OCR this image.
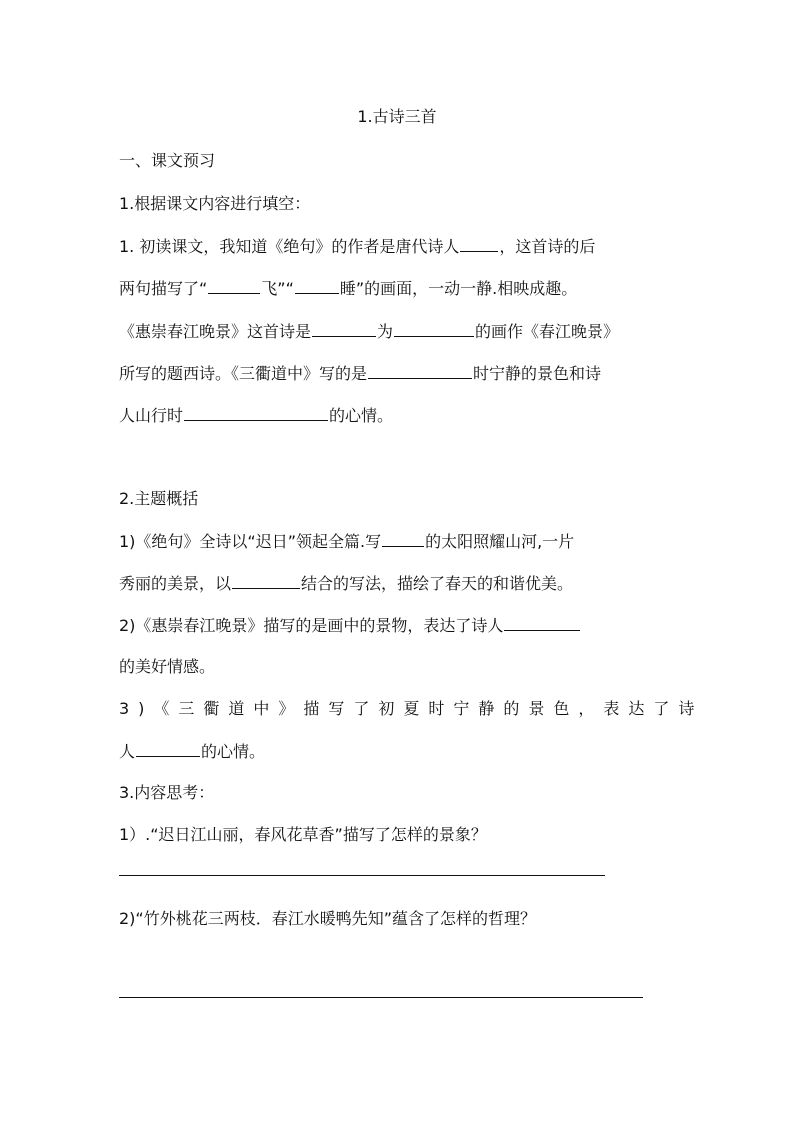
1.古诗三首
一、课文预习
1.根据课文内容进行填空：
1. 初读课文，我知道《绝句》的作者是唐代诗人	，这首诗的后
两句描写了“	飞”“	睡”的画面，一动一静.相映成趣。
《惠崇春江晚景》这首诗是	为	的画作《春江晚景》
所写的题西诗。《三衢道中》写的是	时宁静的景色和诗
人山行时	的心情。
2.主题概括
1)《绝句》全诗以“迟日”领起全篇.写	的太阳照耀山河,一片
秀丽的美景，以	结合的写法，描绘了春天的和谐优美。
2)《惠崇春江晚景》描写的是画中的景物，表达了诗人
的美好情感。
3)《三衢道中》描写了初夏时宁静的景色，表达了诗
人	的心情。
3.内容思考：
1）.“迟日江山丽，春风花草香”描写了怎样的景象？
2)“竹外桃花三两枝．春江水暖鸭先知”蕴含了怎样的哲理？
